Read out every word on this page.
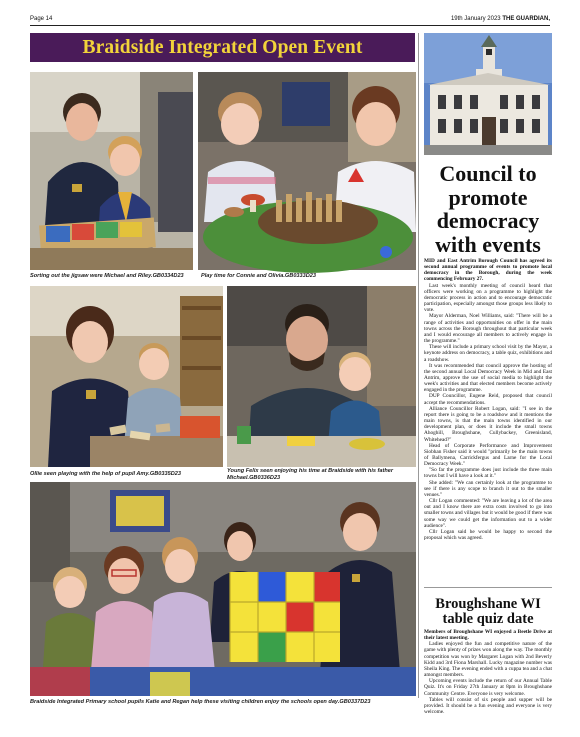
Page 14	19th January 2023 THE GUARDIAN,
Braidside Integrated Open Event
Sorting out the jigsaw were Michael and Riley.GB0334D23	Play time for Connie and Olivia.GB0333D23
Ollie seen playing with the help of pupil Amy.GB0335D23	Young Felix seen enjoying his time at Braidside with his father Michael.GB0336D23
Braidside Integrated Primary school pupils Katie and Regan help these visiting children enjoy the schools open day.GB0337D23
Council to promote democracy with events

MID and East Antrim Borough Council has agreed its second annual programme of events to promote local democracy in the Borough, during the week commencing February 27.

Last week's monthly meeting of council heard that officers were working on a programme to highlight the democratic process in action and to encourage democratic participation, especially amongst those groups less likely to vote.

Mayor Alderman, Noel Williams, said: "There will be a range of activities and opportunities on offer in the main towns across the Borough throughout that particular week and I would encourage all members to actively engage in the programme."

These will include a primary school visit by the Mayor, a keynote address on democracy, a table quiz, exhibitions and a roadshow.

It was recommended that council approve the hosting of the second annual Local Democracy Week in Mid and East Antrim, approve the use of social media to highlight the week's activities and that elected members become actively engaged in the programme.

DUP Councillor, Eugene Reid, proposed that council accept the recommendations.

Alliance Councillor Robert Logan, said: "I see in the report there is going to be a roadshow and it mentions the main towns, is that the main towns identified in our development plan, or does it include the small towns Ahoghill, Broughshane, Cullybackey, Greenisland, Whitehead?"

Head of Corporate Performance and Improvement Siobhan Fisher said it would "primarily be the main towns of Ballymena, Carrickfergus and Larne for the Local Democracy Week."

"So far the programme does just include the three main towns but I will have a look at it."

She added: "We can certainly look at the programme to see if there is any scope to branch it out to the smaller venues."

Cllr Logan commented: "We are leaving a lot of the area out and I know there are extra costs involved to go into smaller towns and villages but it would be good if there was some way we could get the information out to a wider audience".

Cllr Logan said he would be happy to second the proposal which was agreed.

Broughshane WI table quiz date

Members of Broughshane WI enjoyed a Beetle Drive at their latest meeting.

Ladies enjoyed the fun and competitive nature of the game with plenty of prizes won along the way. The monthly competition was won by Margaret Logan with 2nd Beverly Kidd and 3rd Fiona Marshall. Lucky magazine number was Sheila King. The evening ended with a cuppa tea and a chat amongst members.

Upcoming events include the return of our Annual Table Quiz. It's on Friday 27th January at 8pm in Broughshane Community Centre. Everyone is very welcome.

Tables will consist of six people and supper will be provided. It should be a fun evening and everyone is very welcome.
